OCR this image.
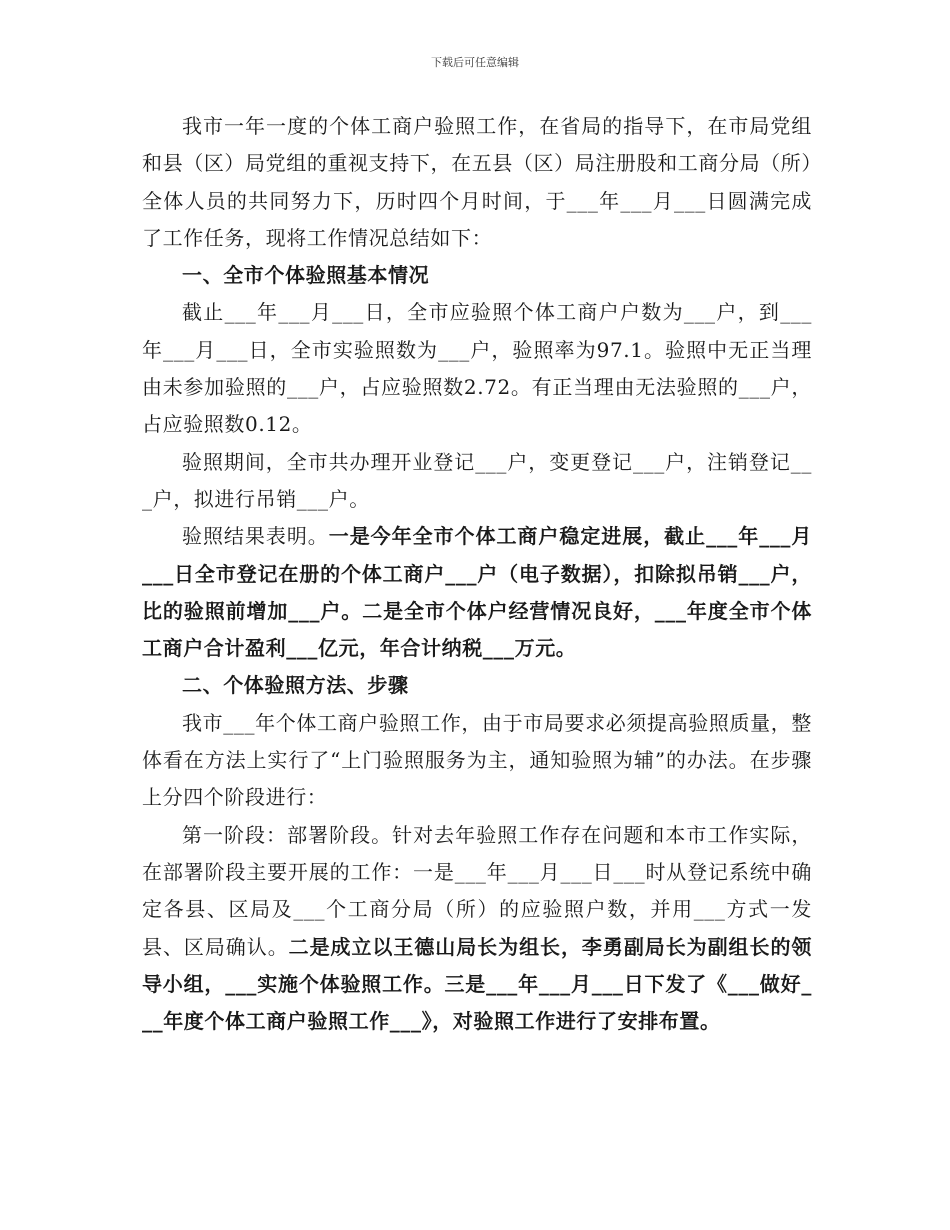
下载后可任意编辑

我市一年一度的个体工商户验照工作，在省局的指导下，在市局党组和县（区）局党组的重视支持下，在五县（区）局注册股和工商分局（所）全体人员的共同努力下，历时四个月时间，于___年___月___日圆满完成了工作任务，现将工作情况总结如下：

一、全市个体验照基本情况

截止___年___月___日，全市应验照个体工商户户数为___户，到___年___月___日，全市实验照数为___户，验照率为97.1。验照中无正当理由未参加验照的___户，占应验照数2.72。有正当理由无法验照的___户，占应验照数0.12。

验照期间，全市共办理开业登记___户，变更登记___户，注销登记___户，拟进行吊销___户。

验照结果表明。一是今年全市个体工商户稳定进展，截止___年___月___日全市登记在册的个体工商户___户（电子数据），扣除拟吊销___户，比的验照前增加___户。二是全市个体户经营情况良好，___年度全市个体工商户合计盈利___亿元，年合计纳税___万元。

二、个体验照方法、步骤

我市___年个体工商户验照工作，由于市局要求必须提高验照质量，整体看在方法上实行了“上门验照服务为主，通知验照为辅”的办法。在步骤上分四个阶段进行：

第一阶段：部署阶段。针对去年验照工作存在问题和本市工作实际，在部署阶段主要开展的工作：一是___年___月___日___时从登记系统中确定各县、区局及___个工商分局（所）的应验照户数，并用___方式一发县、区局确认。二是成立以王德山局长为组长，李勇副局长为副组长的领导小组，___实施个体验照工作。三是___年___月___日下发了《___做好___年度个体工商户验照工作___》，对验照工作进行了安排布置。
